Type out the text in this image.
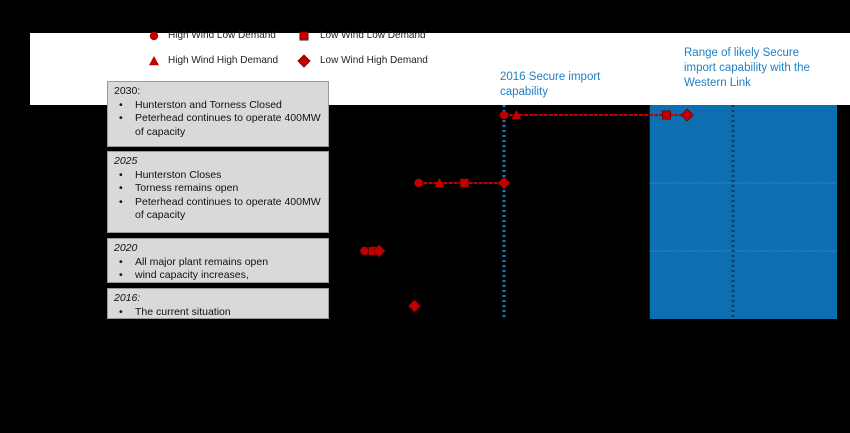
High Wind Low Demand	Low Wind Low Demand
High Wind High Demand	Low Wind High Demand
2016 Secure import capability
Range of likely Secure import capability with the Western Link
2030:
• Hunterston and Torness Closed
• Peterhead continues to operate 400MW of capacity
2025
• Hunterston Closes
• Torness remains open
• Peterhead continues to operate 400MW of capacity
2020
• All major plant remains open
• wind capacity increases,
2016:
• The current situation
